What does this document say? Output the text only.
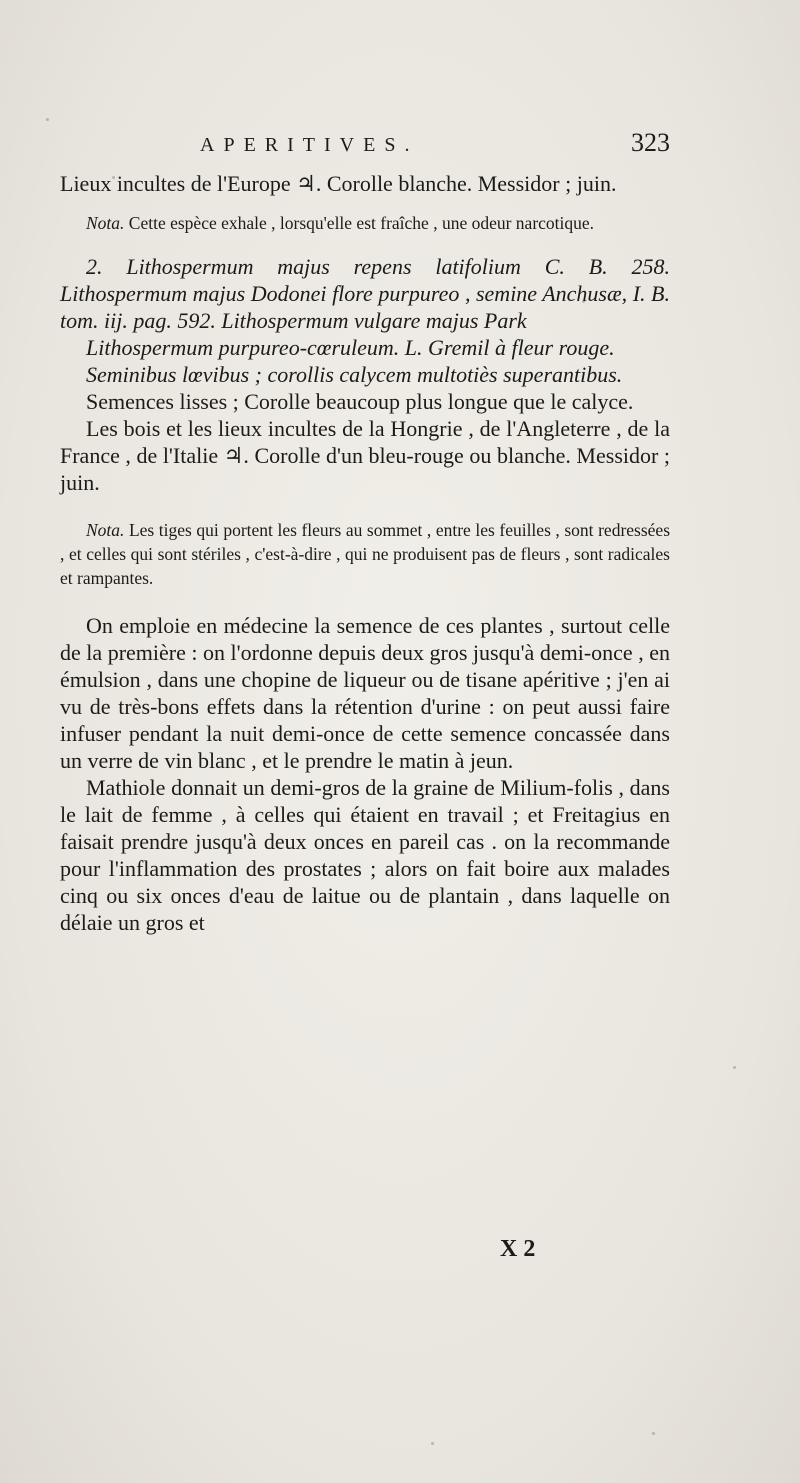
APERITIVES.	323

Lieux incultes de l'Europe ♃. Corolle blanche. Messidor ; juin.

Nota. Cette espèce exhale , lorsqu'elle est fraîche , une odeur narcotique.

2. Lithospermum majus repens latifolium C. B. 258. Lithospermum majus Dodonei flore purpureo , semine Anchusæ, I. B. tom. iij. pag. 592. Lithospermum vulgare majus Park

Lithospermum purpureo-cœruleum. L. Gremil à fleur rouge.

Seminibus lœvibus ; corollis calycem multotiès superantibus.

Semences lisses ; Corolle beaucoup plus longue que le calyce.

Les bois et les lieux incultes de la Hongrie , de l'Angleterre , de la France , de l'Italie ♃. Corolle d'un bleu-rouge ou blanche. Messidor ; juin.

Nota. Les tiges qui portent les fleurs au sommet , entre les feuilles , sont redressées , et celles qui sont stériles , c'est-à-dire , qui ne produisent pas de fleurs , sont radicales et rampantes.

On emploie en médecine la semence de ces plantes , surtout celle de la première : on l'ordonne depuis deux gros jusqu'à demi-once , en émulsion , dans une chopine de liqueur ou de tisane apéritive ; j'en ai vu de très-bons effets dans la rétention d'urine : on peut aussi faire infuser pendant la nuit demi-once de cette semence concassée dans un verre de vin blanc , et le prendre le matin à jeun.

Mathiole donnait un demi-gros de la graine de Milium-folis , dans le lait de femme , à celles qui étaient en travail ; et Freitagius en faisait prendre jusqu'à deux onces en pareil cas . on la recommande pour l'inflammation des prostates ; alors on fait boire aux malades cinq ou six onces d'eau de laitue ou de plantain , dans laquelle on délaie un gros et

X 2
